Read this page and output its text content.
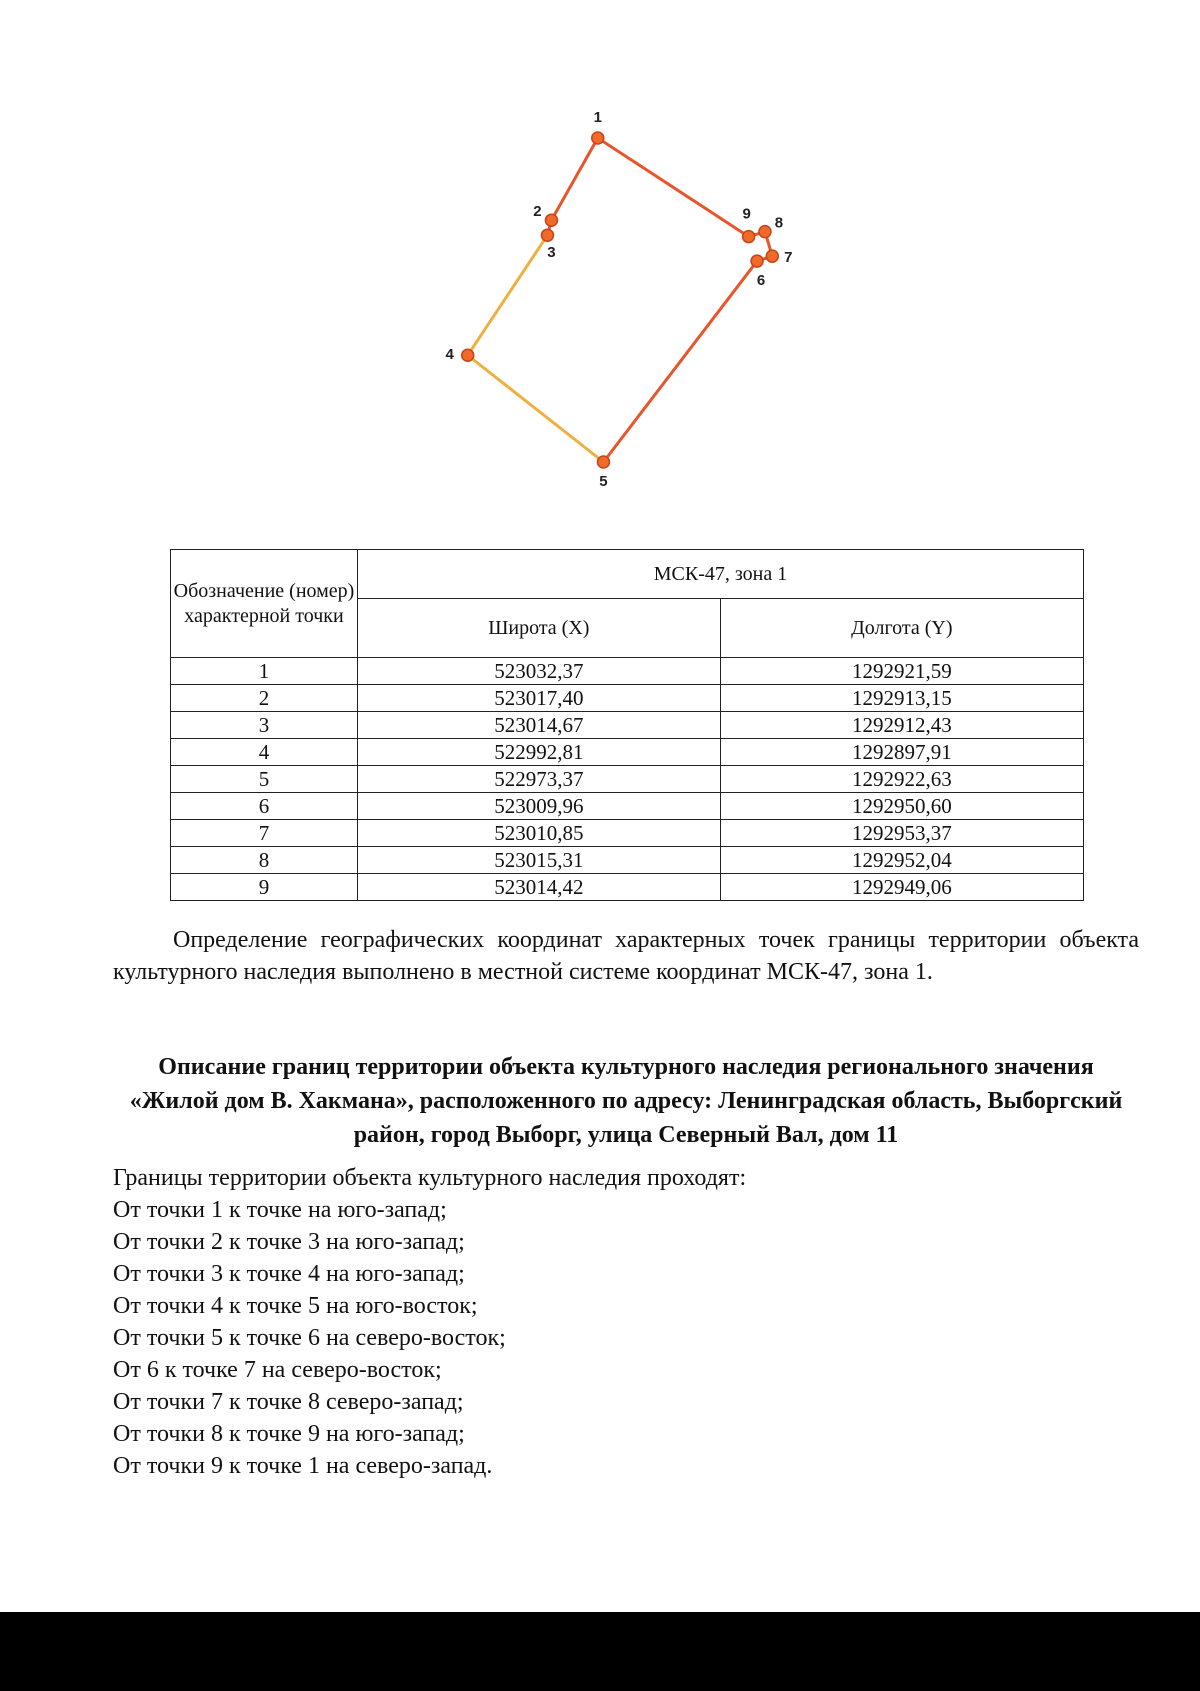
1
2
3
4
5
6
7
8
9
Обозначение (номер) характерной точки	МСК-47, зона 1	
	Широта (X)	Долгота (Y)
1	523032,37	1292921,59
2	523017,40	1292913,15
3	523014,67	1292912,43
4	522992,81	1292897,91
5	522973,37	1292922,63
6	523009,96	1292950,60
7	523010,85	1292953,37
8	523015,31	1292952,04
9	523014,42	1292949,06
Определение географических координат характерных точек границы территории объекта культурного наследия выполнено в местной системе координат МСК-47, зона 1.
Описание границ территории объекта культурного наследия регионального значения «Жилой дом В. Хакмана», расположенного по адресу: Ленинградская область, Выборгский район, город Выборг, улица Северный Вал, дом 11
Границы территории объекта культурного наследия проходят:
От точки 1 к точке на юго-запад;
От точки 2 к точке 3 на юго-запад;
От точки 3 к точке 4 на юго-запад;
От точки 4 к точке 5 на юго-восток;
От точки 5 к точке 6 на северо-восток;
От 6 к точке 7 на северо-восток;
От точки 7 к точке 8 северо-запад;
От точки 8 к точке 9 на юго-запад;
От точки 9 к точке 1 на северо-запад.
